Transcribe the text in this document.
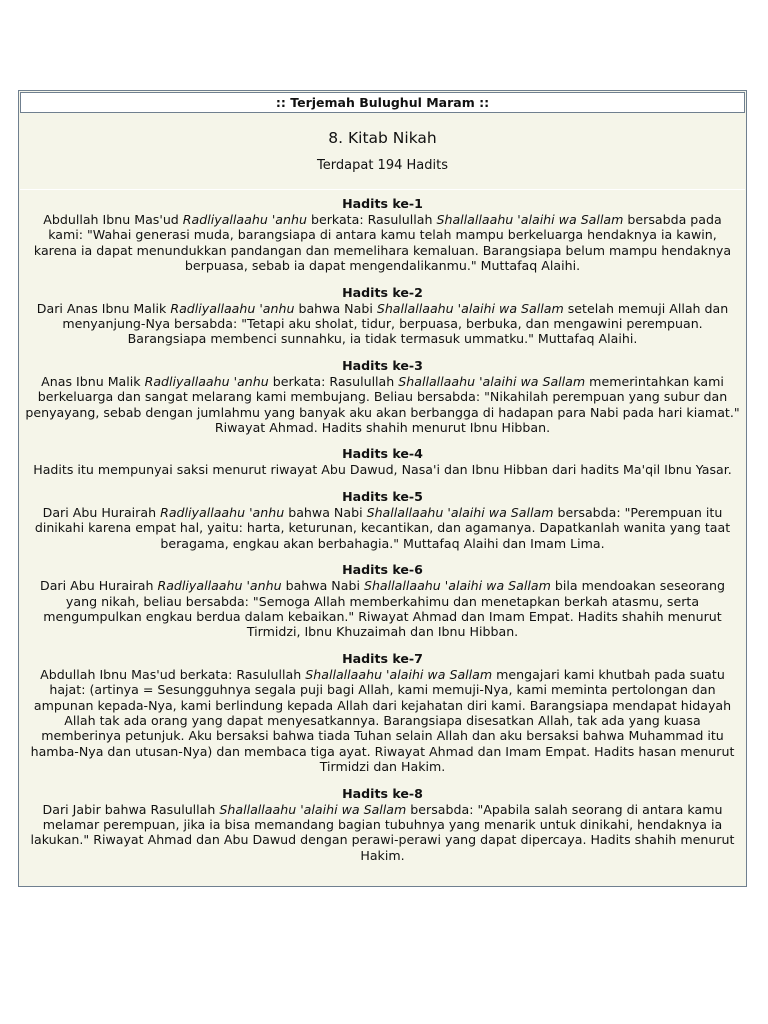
:: Terjemah Bulughul Maram ::
8. Kitab Nikah
Terdapat 194 Hadits
Hadits ke-1
Abdullah Ibnu Mas'ud Radliyallaahu 'anhu berkata: Rasulullah Shallallaahu 'alaihi wa Sallam bersabda pada kami: "Wahai generasi muda, barangsiapa di antara kamu telah mampu berkeluarga hendaknya ia kawin, karena ia dapat menundukkan pandangan dan memelihara kemaluan. Barangsiapa belum mampu hendaknya berpuasa, sebab ia dapat mengendalikanmu." Muttafaq Alaihi.
Hadits ke-2
Dari Anas Ibnu Malik Radliyallaahu 'anhu bahwa Nabi Shallallaahu 'alaihi wa Sallam setelah memuji Allah dan menyanjung-Nya bersabda: "Tetapi aku sholat, tidur, berpuasa, berbuka, dan mengawini perempuan. Barangsiapa membenci sunnahku, ia tidak termasuk ummatku." Muttafaq Alaihi.
Hadits ke-3
Anas Ibnu Malik Radliyallaahu 'anhu berkata: Rasulullah Shallallaahu 'alaihi wa Sallam memerintahkan kami berkeluarga dan sangat melarang kami membujang. Beliau bersabda: "Nikahilah perempuan yang subur dan penyayang, sebab dengan jumlahmu yang banyak aku akan berbangga di hadapan para Nabi pada hari kiamat." Riwayat Ahmad. Hadits shahih menurut Ibnu Hibban.
Hadits ke-4
Hadits itu mempunyai saksi menurut riwayat Abu Dawud, Nasa'i dan Ibnu Hibban dari hadits Ma'qil Ibnu Yasar.
Hadits ke-5
Dari Abu Hurairah Radliyallaahu 'anhu bahwa Nabi Shallallaahu 'alaihi wa Sallam bersabda: "Perempuan itu dinikahi karena empat hal, yaitu: harta, keturunan, kecantikan, dan agamanya. Dapatkanlah wanita yang taat beragama, engkau akan berbahagia." Muttafaq Alaihi dan Imam Lima.
Hadits ke-6
Dari Abu Hurairah Radliyallaahu 'anhu bahwa Nabi Shallallaahu 'alaihi wa Sallam bila mendoakan seseorang yang nikah, beliau bersabda: "Semoga Allah memberkahimu dan menetapkan berkah atasmu, serta mengumpulkan engkau berdua dalam kebaikan." Riwayat Ahmad dan Imam Empat. Hadits shahih menurut Tirmidzi, Ibnu Khuzaimah dan Ibnu Hibban.
Hadits ke-7
Abdullah Ibnu Mas'ud berkata: Rasulullah Shallallaahu 'alaihi wa Sallam mengajari kami khutbah pada suatu hajat: (artinya = Sesungguhnya segala puji bagi Allah, kami memuji-Nya, kami meminta pertolongan dan ampunan kepada-Nya, kami berlindung kepada Allah dari kejahatan diri kami. Barangsiapa mendapat hidayah Allah tak ada orang yang dapat menyesatkannya. Barangsiapa disesatkan Allah, tak ada yang kuasa memberinya petunjuk. Aku bersaksi bahwa tiada Tuhan selain Allah dan aku bersaksi bahwa Muhammad itu hamba-Nya dan utusan-Nya) dan membaca tiga ayat. Riwayat Ahmad dan Imam Empat. Hadits hasan menurut Tirmidzi dan Hakim.
Hadits ke-8
Dari Jabir bahwa Rasulullah Shallallaahu 'alaihi wa Sallam bersabda: "Apabila salah seorang di antara kamu melamar perempuan, jika ia bisa memandang bagian tubuhnya yang menarik untuk dinikahi, hendaknya ia lakukan." Riwayat Ahmad dan Abu Dawud dengan perawi-perawi yang dapat dipercaya. Hadits shahih menurut Hakim.
